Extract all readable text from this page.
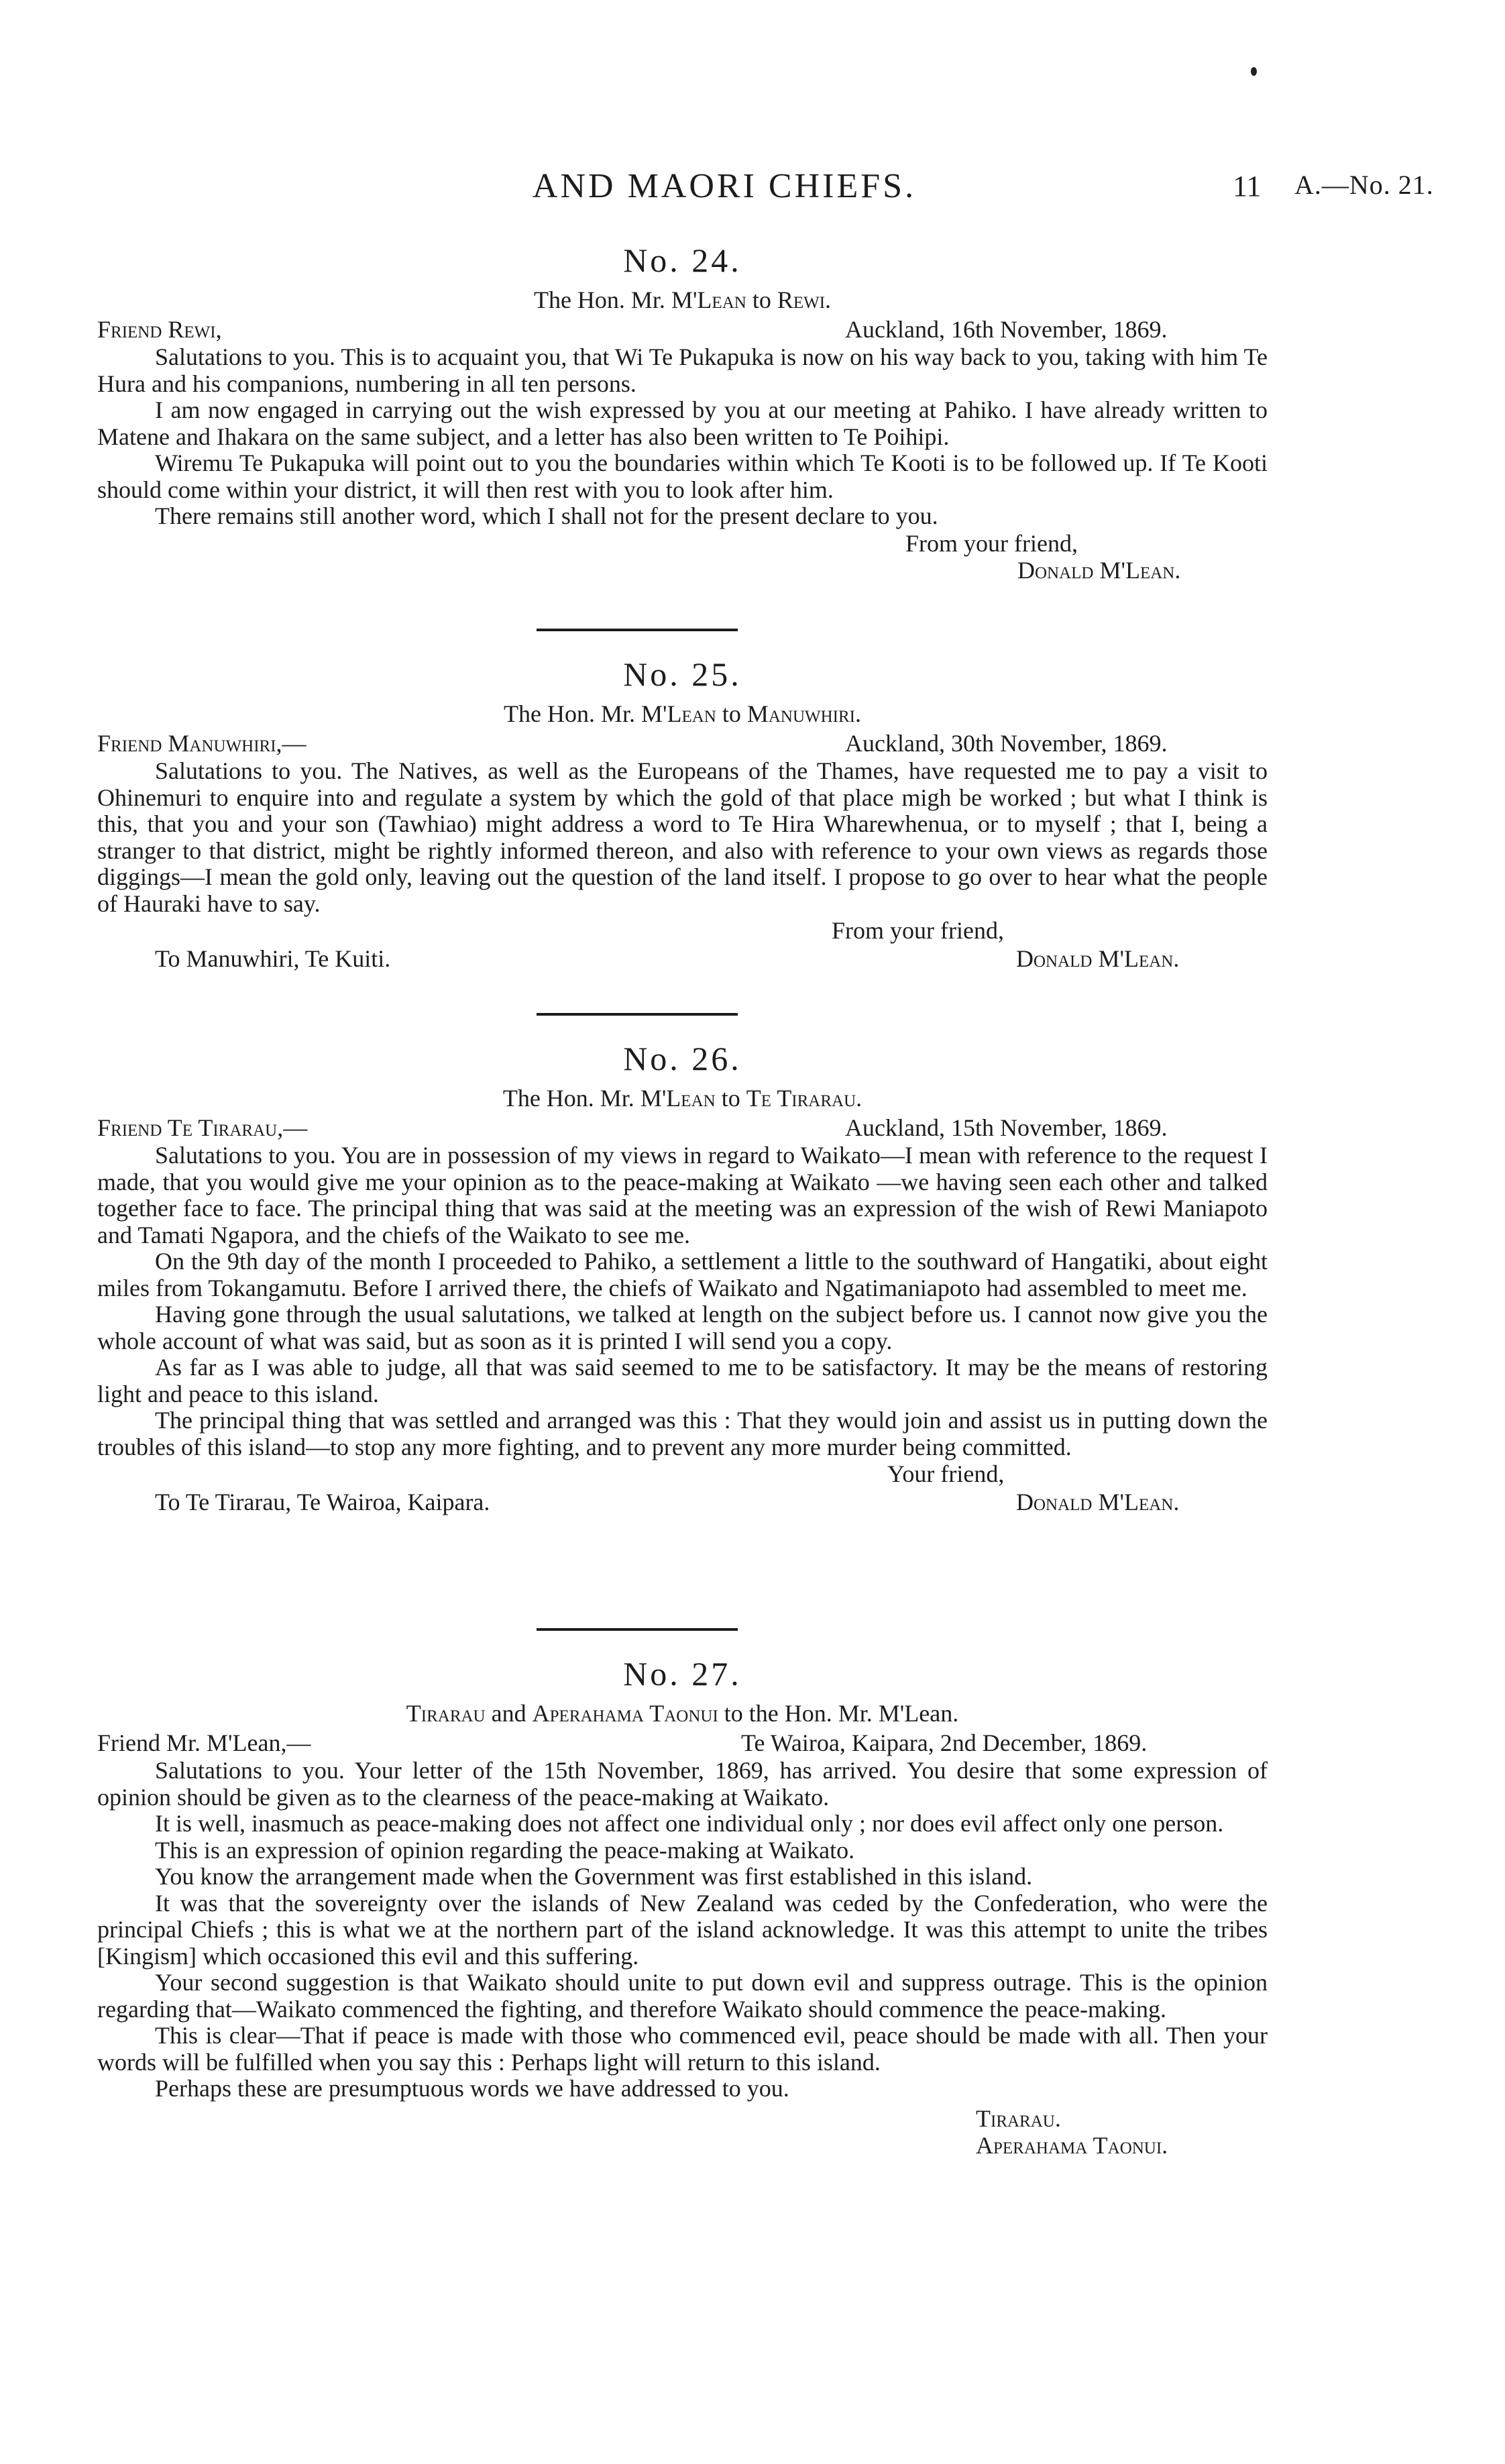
AND MAORI CHIEFS.	11 A.—No. 21.
No. 24.
The Hon. Mr. M'Lean to Rewi.
Friend Rewi,	Auckland, 16th November, 1869.

Salutations to you. This is to acquaint you, that Wi Te Pukapuka is now on his way back to you, taking with him Te Hura and his companions, numbering in all ten persons.

I am now engaged in carrying out the wish expressed by you at our meeting at Pahiko. I have already written to Matene and Ihakara on the same subject, and a letter has also been written to Te Poihipi.

Wiremu Te Pukapuka will point out to you the boundaries within which Te Kooti is to be followed up. If Te Kooti should come within your district, it will then rest with you to look after him.

There remains still another word, which I shall not for the present declare to you.

From your friend,
Donald M'Lean.
No. 25.
The Hon. Mr. M'Lean to Manuwhiri.
Friend Manuwhiri,—	Auckland, 30th November, 1869.

Salutations to you. The Natives, as well as the Europeans of the Thames, have requested me to pay a visit to Ohinemuri to enquire into and regulate a system by which the gold of that place migh be worked ; but what I think is this, that you and your son (Tawhiao) might address a word to Te Hira Wharewhenua, or to myself ; that I, being a stranger to that district, might be rightly informed thereon, and also with reference to your own views as regards those diggings—I mean the gold only, leaving out the question of the land itself. I propose to go over to hear what the people of Hauraki have to say.

From your friend,
To Manuwhiri, Te Kuiti.	Donald M'Lean.
No. 26.
The Hon. Mr. M'Lean to Te Tirarau.
Friend Te Tirarau,—	Auckland, 15th November, 1869.

Salutations to you. You are in possession of my views in regard to Waikato—I mean with reference to the request I made, that you would give me your opinion as to the peace-making at Waikato —we having seen each other and talked together face to face. The principal thing that was said at the meeting was an expression of the wish of Rewi Maniapoto and Tamati Ngapora, and the chiefs of the Waikato to see me.

On the 9th day of the month I proceeded to Pahiko, a settlement a little to the southward of Hangatiki, about eight miles from Tokangamutu. Before I arrived there, the chiefs of Waikato and Ngatimaniapoto had assembled to meet me.

Having gone through the usual salutations, we talked at length on the subject before us. I cannot now give you the whole account of what was said, but as soon as it is printed I will send you a copy.

As far as I was able to judge, all that was said seemed to me to be satisfactory. It may be the means of restoring light and peace to this island.

The principal thing that was settled and arranged was this : That they would join and assist us in putting down the troubles of this island—to stop any more fighting, and to prevent any more murder being committed.

Your friend,
To Te Tirarau, Te Wairoa, Kaipara.	Donald M'Lean.
No. 27.
Tirarau and Aperahama Taonui to the Hon. Mr. M'Lean.
Friend Mr. M'Lean,—	Te Wairoa, Kaipara, 2nd December, 1869.

Salutations to you. Your letter of the 15th November, 1869, has arrived. You desire that some expression of opinion should be given as to the clearness of the peace-making at Waikato.

It is well, inasmuch as peace-making does not affect one individual only ; nor does evil affect only one person.

This is an expression of opinion regarding the peace-making at Waikato.

You know the arrangement made when the Government was first established in this island.

It was that the sovereignty over the islands of New Zealand was ceded by the Confederation, who were the principal Chiefs ; this is what we at the northern part of the island acknowledge. It was this attempt to unite the tribes [Kingism] which occasioned this evil and this suffering.

Your second suggestion is that Waikato should unite to put down evil and suppress outrage. This is the opinion regarding that—Waikato commenced the fighting, and therefore Waikato should commence the peace-making.

This is clear—That if peace is made with those who commenced evil, peace should be made with all. Then your words will be fulfilled when you say this : Perhaps light will return to this island.

Perhaps these are presumptuous words we have addressed to you.

Tirarau.
Aperahama Taonui.
